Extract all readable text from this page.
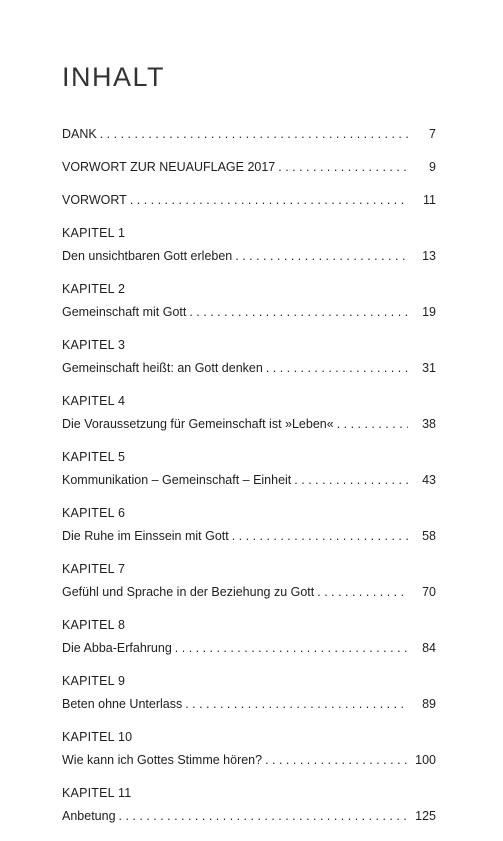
INHALT
DANK . . .	7
VORWORT ZUR NEUAUFLAGE 2017 . . .	9
VORWORT . . .	11
KAPITEL 1
Den unsichtbaren Gott erleben . . .	13
KAPITEL 2
Gemeinschaft mit Gott . . .	19
KAPITEL 3
Gemeinschaft heißt: an Gott denken . . .	31
KAPITEL 4
Die Voraussetzung für Gemeinschaft ist »Leben« . . .	38
KAPITEL 5
Kommunikation – Gemeinschaft – Einheit . . .	43
KAPITEL 6
Die Ruhe im Einssein mit Gott . . .	58
KAPITEL 7
Gefühl und Sprache in der Beziehung zu Gott . . .	70
KAPITEL 8
Die Abba-Erfahrung . . .	84
KAPITEL 9
Beten ohne Unterlass . . .	89
KAPITEL 10
Wie kann ich Gottes Stimme hören? . . .	100
KAPITEL 11
Anbetung . . .	125
